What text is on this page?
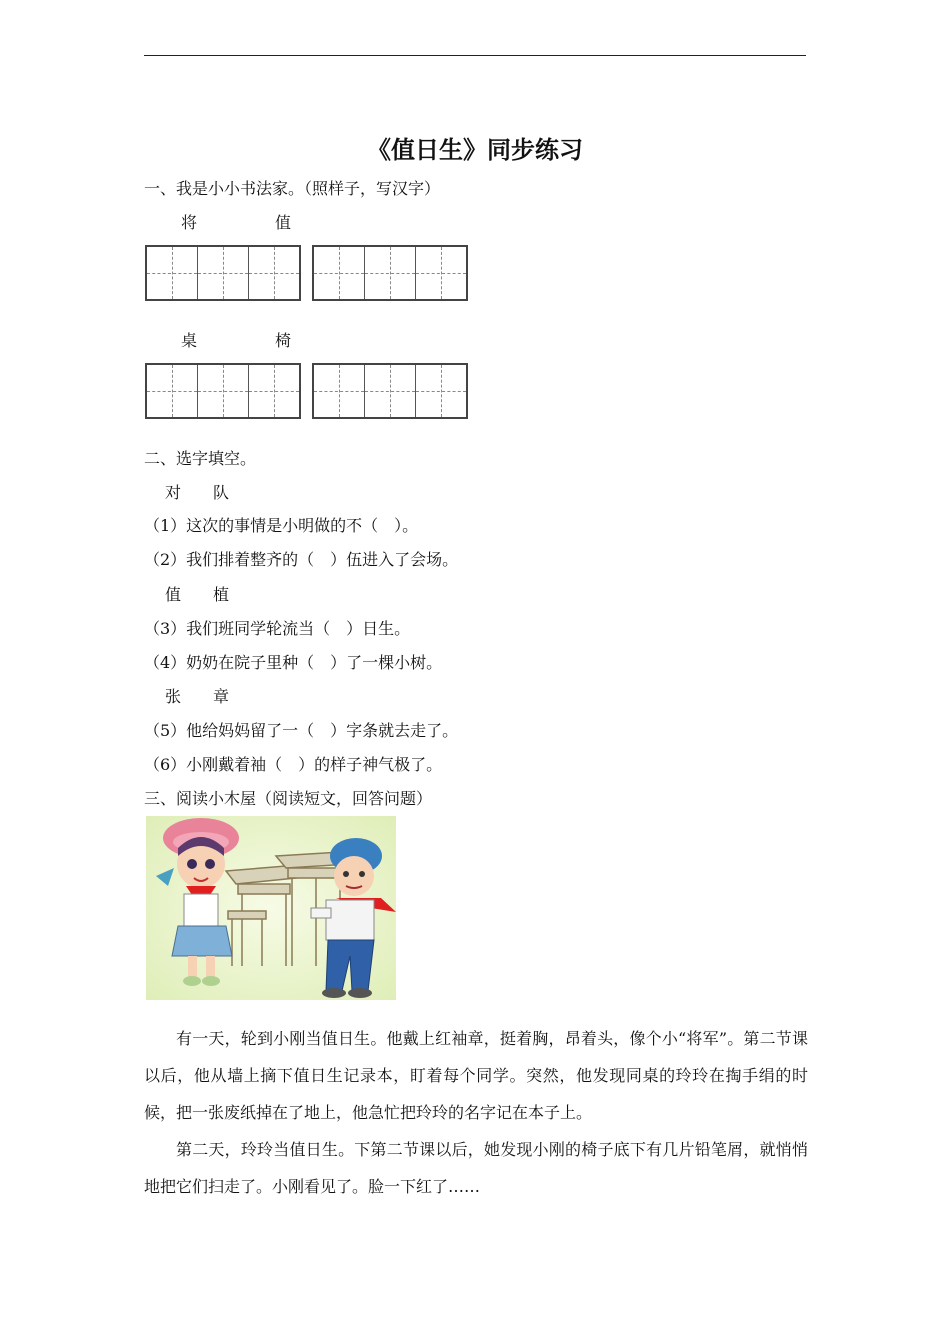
《值日生》同步练习
一、我是小小书法家。（照样子，写汉字）
将	值
桌	椅
二、选字填空。
对　　队
（1）这次的事情是小明做的不（　）。
（2）我们排着整齐的（　）伍进入了会场。
值　　植
（3）我们班同学轮流当（　）日生。
（4）奶奶在院子里种（　）了一棵小树。
张　　章
（5）他给妈妈留了一（　）字条就去走了。
（6）小刚戴着袖（　）的样子神气极了。
三、阅读小木屋（阅读短文，回答问题）

有一天，轮到小刚当值日生。他戴上红袖章，挺着胸，昂着头，像个小“将军”。第二节课以后，他从墙上摘下值日生记录本，盯着每个同学。突然，他发现同桌的玲玲在掏手绢的时候，把一张废纸掉在了地上，他急忙把玲玲的名字记在本子上。

第二天，玲玲当值日生。下第二节课以后，她发现小刚的椅子底下有几片铅笔屑，就悄悄地把它们扫走了。小刚看见了。脸一下红了……
